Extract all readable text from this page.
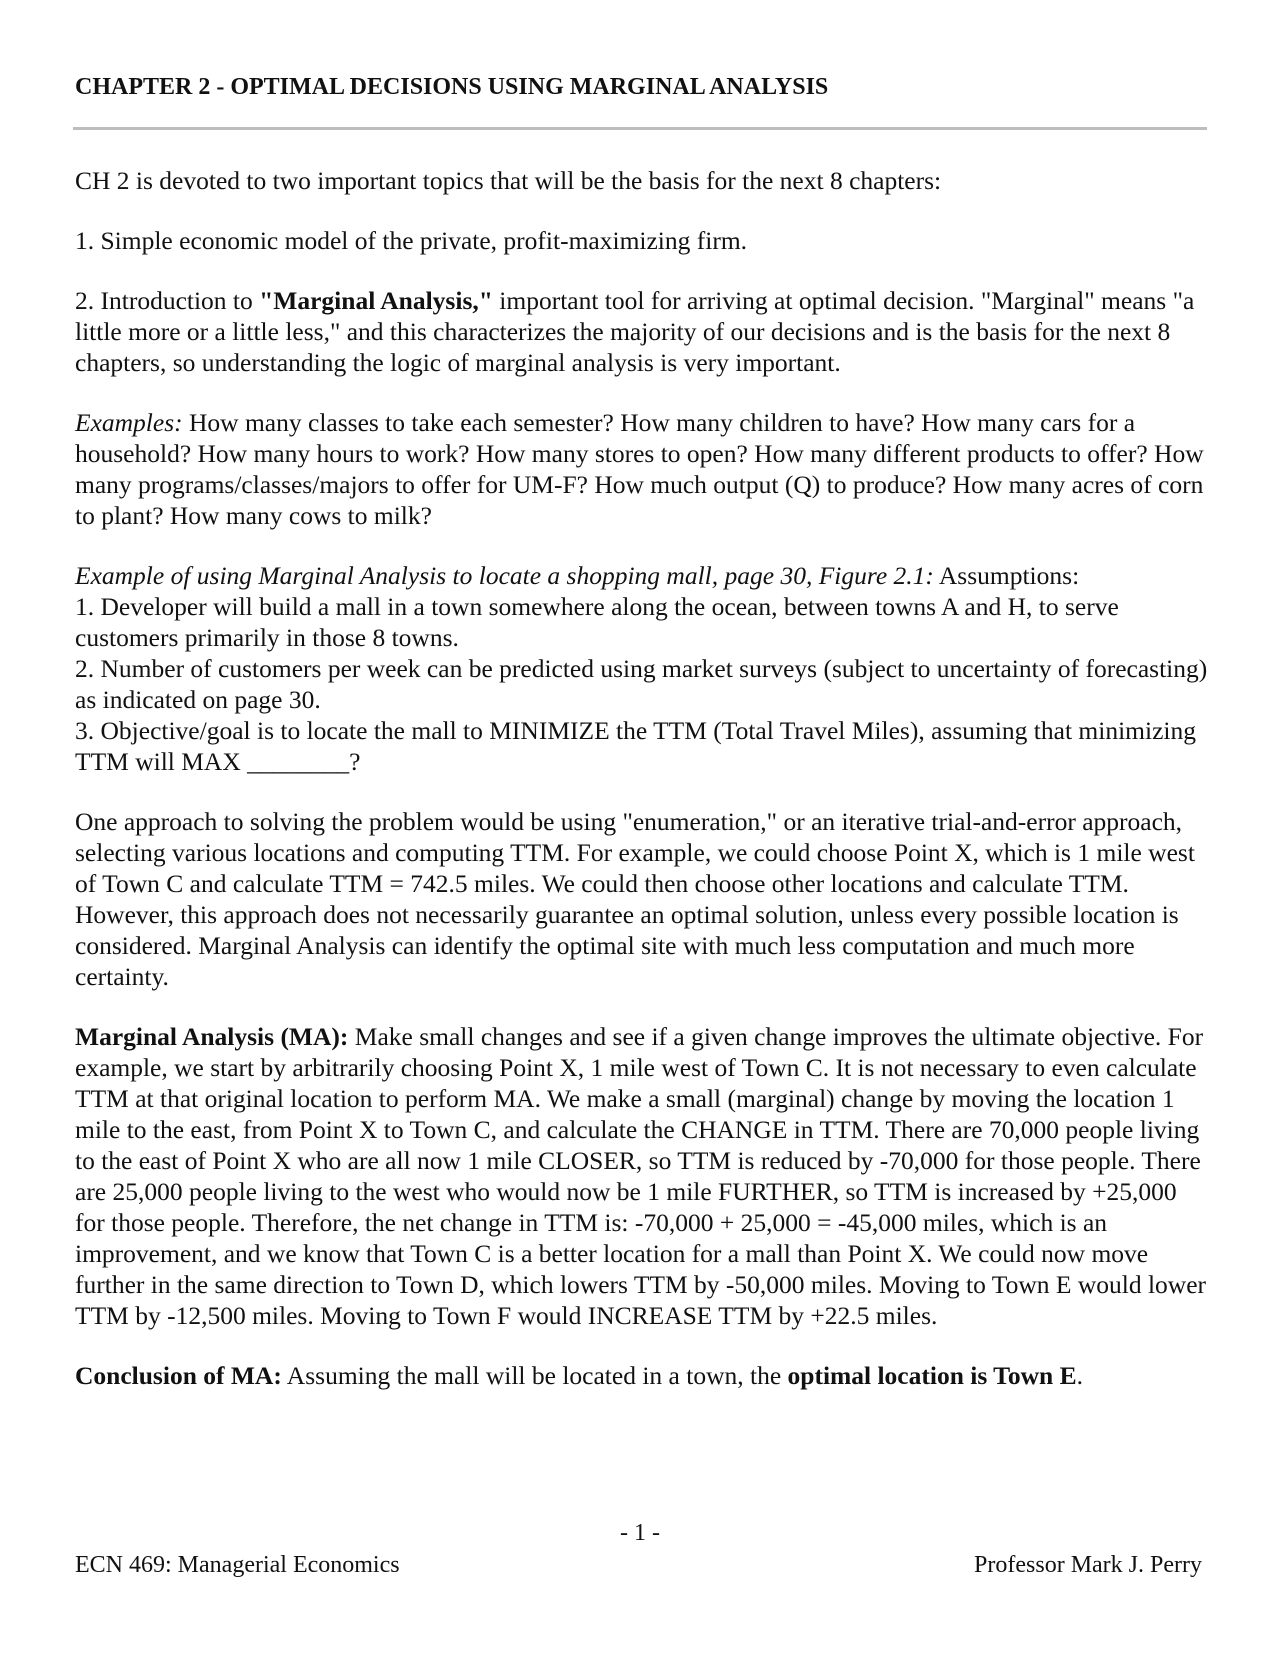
CHAPTER 2 - OPTIMAL DECISIONS USING MARGINAL ANALYSIS

CH 2 is devoted to two important topics that will be the basis for the next 8 chapters:

1. Simple economic model of the private, profit-maximizing firm.

2. Introduction to "Marginal Analysis," important tool for arriving at optimal decision. "Marginal" means "a little more or a little less," and this characterizes the majority of our decisions and is the basis for the next 8 chapters, so understanding the logic of marginal analysis is very important.

Examples: How many classes to take each semester? How many children to have? How many cars for a household? How many hours to work? How many stores to open? How many different products to offer? How many programs/classes/majors to offer for UM-F? How much output (Q) to produce? How many acres of corn to plant? How many cows to milk?

Example of using Marginal Analysis to locate a shopping mall, page 30, Figure 2.1: Assumptions:
1. Developer will build a mall in a town somewhere along the ocean, between towns A and H, to serve customers primarily in those 8 towns.
2. Number of customers per week can be predicted using market surveys (subject to uncertainty of forecasting) as indicated on page 30.
3. Objective/goal is to locate the mall to MINIMIZE the TTM (Total Travel Miles), assuming that minimizing TTM will MAX ________?

One approach to solving the problem would be using "enumeration," or an iterative trial-and-error approach, selecting various locations and computing TTM. For example, we could choose Point X, which is 1 mile west of Town C and calculate TTM = 742.5 miles. We could then choose other locations and calculate TTM. However, this approach does not necessarily guarantee an optimal solution, unless every possible location is considered. Marginal Analysis can identify the optimal site with much less computation and much more certainty.

Marginal Analysis (MA): Make small changes and see if a given change improves the ultimate objective. For example, we start by arbitrarily choosing Point X, 1 mile west of Town C. It is not necessary to even calculate TTM at that original location to perform MA. We make a small (marginal) change by moving the location 1 mile to the east, from Point X to Town C, and calculate the CHANGE in TTM. There are 70,000 people living to the east of Point X who are all now 1 mile CLOSER, so TTM is reduced by -70,000 for those people. There are 25,000 people living to the west who would now be 1 mile FURTHER, so TTM is increased by +25,000 for those people. Therefore, the net change in TTM is: -70,000 + 25,000 = -45,000 miles, which is an improvement, and we know that Town C is a better location for a mall than Point X. We could now move further in the same direction to Town D, which lowers TTM by -50,000 miles. Moving to Town E would lower TTM by -12,500 miles. Moving to Town F would INCREASE TTM by +22.5 miles.

Conclusion of MA: Assuming the mall will be located in a town, the optimal location is Town E.

- 1 -
ECN 469: Managerial Economics	Professor Mark J. Perry
